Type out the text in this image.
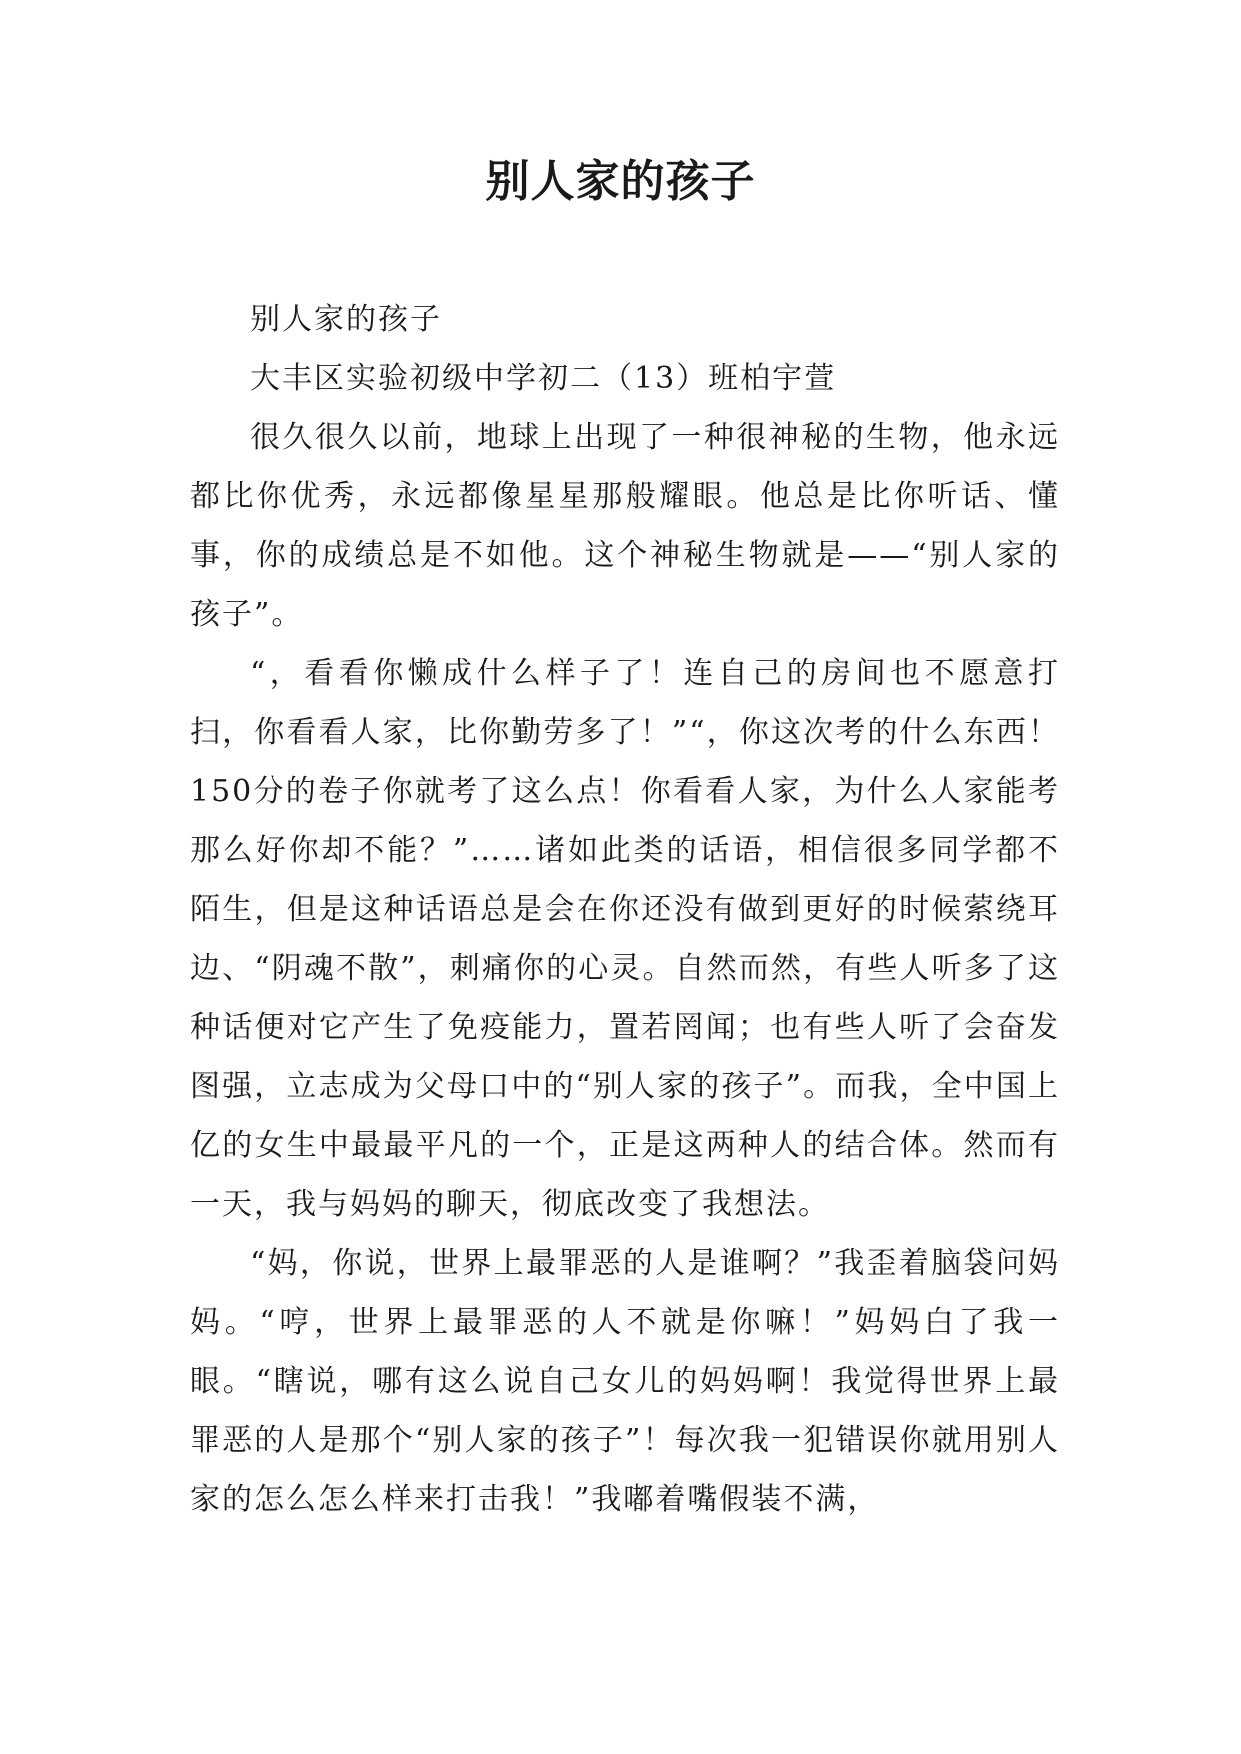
别人家的孩子

别人家的孩子

大丰区实验初级中学初二（13）班柏宇萱

很久很久以前，地球上出现了一种很神秘的生物，他永远都比你优秀，永远都像星星那般耀眼。他总是比你听话、懂事，你的成绩总是不如他。这个神秘生物就是——“别人家的孩子”。

“，看看你懒成什么样子了！连自己的房间也不愿意打扫，你看看人家，比你勤劳多了！”“，你这次考的什么东西！150分的卷子你就考了这么点！你看看人家，为什么人家能考那么好你却不能？”……诸如此类的话语，相信很多同学都不陌生，但是这种话语总是会在你还没有做到更好的时候萦绕耳边、“阴魂不散”，刺痛你的心灵。自然而然，有些人听多了这种话便对它产生了免疫能力，置若罔闻；也有些人听了会奋发图强，立志成为父母口中的“别人家的孩子”。而我，全中国上亿的女生中最最平凡的一个，正是这两种人的结合体。然而有一天，我与妈妈的聊天，彻底改变了我想法。

“妈，你说，世界上最罪恶的人是谁啊？”我歪着脑袋问妈妈。“哼，世界上最罪恶的人不就是你嘛！”妈妈白了我一眼。“瞎说，哪有这么说自己女儿的妈妈啊！我觉得世界上最罪恶的人是那个“别人家的孩子”！每次我一犯错误你就用别人家的怎么怎么样来打击我！”我嘟着嘴假装不满，
